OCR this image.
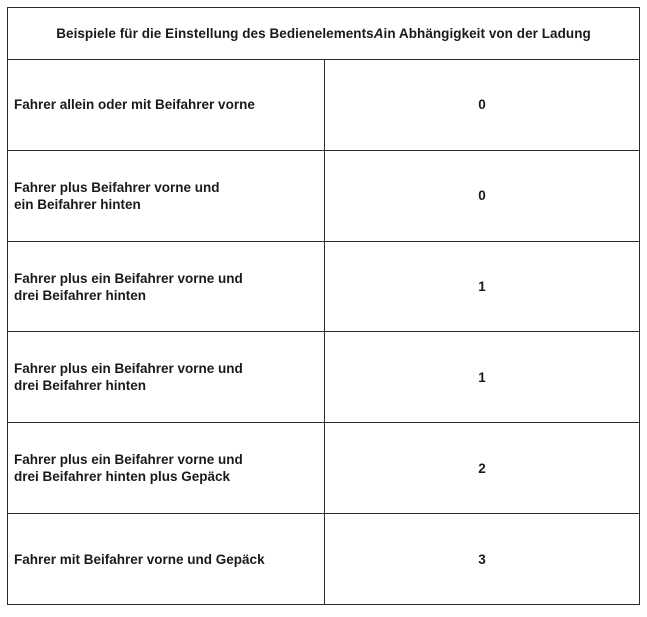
Beispiele für die Einstellung des Bedienelements A in Abhängigkeit von der Ladung
Fahrer allein oder mit Beifahrer vorne	0
Fahrer plus Beifahrer vorne und
ein Beifahrer hinten
0
Fahrer plus ein Beifahrer vorne und
drei Beifahrer hinten
1
Fahrer plus ein Beifahrer vorne und
drei Beifahrer hinten
1
Fahrer plus ein Beifahrer vorne und
drei Beifahrer hinten plus Gepäck
2
Fahrer mit Beifahrer vorne und Gepäck	3
